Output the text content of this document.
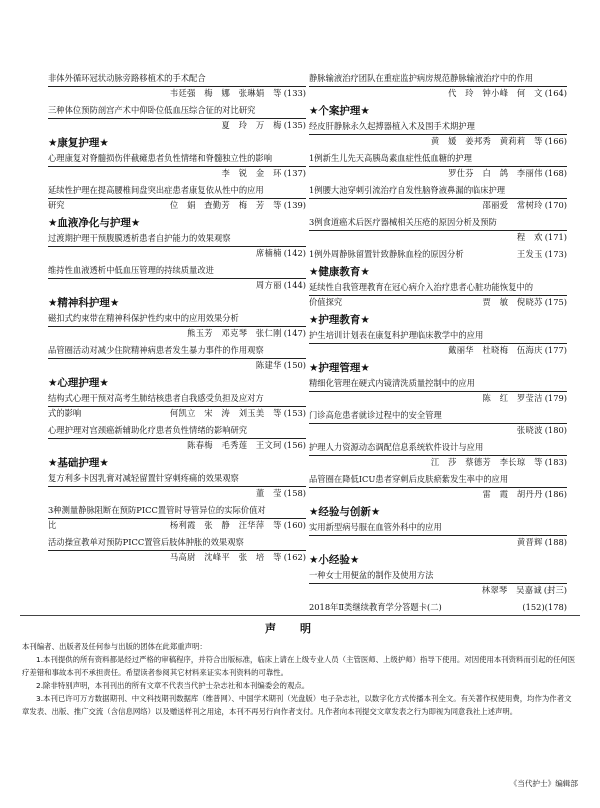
非体外循环冠状动脉旁路移植术的手术配合
韦廷强　梅　娜　张琳娟　等 (133)
三种体位预防剖宫产术中仰卧位低血压综合征的对比研究
夏　玲　万　梅 (135)
★康复护理★
心理康复对脊髓损伤伴截瘫患者负性情绪和脊髓独立性的影响
李　锐　金　环 (137)
延续性护理在提高腰椎间盘突出症患者康复依从性中的应用
研究	位　娟　査勤芳　梅　芳　等 (139)
★血液净化与护理★
过渡期护理干预腹膜透析患者自护能力的效果观察
席楠楠 (142)
维持性血液透析中低血压管理的持续质量改进
周方丽 (144)
★精神科护理★
磁扣式约束带在精神科保护性约束中的应用效果分析
熊玉芳　邓克琴　张仁刚 (147)
品管圈活动对减少住院精神病患者发生暴力事件的作用观察
陈建华 (150)
★心理护理★
结构式心理干预对高考生肺结核患者自我感受负担及应对方
式的影响	何凯立　宋　涛　刘玉美　等 (153)
心理护理对宫颈癌新辅助化疗患者负性情绪的影响研究
陈春梅　毛秀莲　王文珂 (156)
★基础护理★
复方利多卡因乳膏对减轻留置针穿刺疼痛的效果观察
董　莹 (158)
3种测量静脉阻断在预防PICC置管时导管异位的实际价值对
比	杨利霞　张　静　汪华萍　等 (160)
活动操宣教单对预防PICC置管后肢体肿胀的效果观察
马高尉　沈峰平　张　培　等 (162)
静脉输液治疗团队在重症监护病房规范静脉输液治疗中的作用
代　玲　钟小峰　何　文 (164)
★个案护理★
经皮肝静脉永久起搏器植入术及围手术期护理
黄　媛　姜邦秀　黄莉莉　等 (166)
1例新生儿先天高胰岛素血症性低血糖的护理
罗仕芬　白　鸽　李丽伟 (168)
1例腰大池穿刺引流治疗自发性脑脊液鼻漏的临床护理
邵丽爱　常树玲 (170)
3例食道癌术后医疗器械相关压疮的原因分析及预防
程　欢 (171)
1例外周静脉留置针致静脉血栓的原因分析	王发玉 (173)
★健康教育★
延续性自我管理教育在冠心病介入治疗患者心脏功能恢复中的
价值探究	贾　敏　倪晓苏 (175)
★护理教育★
护生培训计划表在康复科护理临床教学中的应用
戴丽华　杜晓梅　伍海庆 (177)
★护理管理★
精细化管理在硬式内镜清洗质量控制中的应用
陈　红　罗莹洁 (179)
门诊高危患者就诊过程中的安全管理
张晓波 (180)
护理人力资源动态调配信息系统软件设计与应用
江　莎　蔡德芳　李长琼　等 (183)
品管圈在降低ICU患者穿刺后皮肤瘀紫发生率中的应用
雷　霞　胡丹丹 (186)
★经验与创新★
实用新型病号服在血管外科中的应用
黄晋辉 (188)
★小经验★
一种女士用便盆的制作及使用方法
林翠琴　吴嘉诚 (封三)
2018年Ⅱ类继续教育学分答题卡(二)	(152)(178)
声明

本刊编者、出版者及任何参与出版的团体在此郑重声明：

1.本刊提供的所有资料都是经过严格的审稿程序，并符合出版标准，临床上请在上级专业人员（主管医师、上级护师）指导下使用。对因使用本刊资料而引起的任何医疗差错和事故本刊不承担责任。希望读者参阅其它材料来证实本刊资料的可靠性。

2.除非特别声明，本刊刊出的所有文章不代表当代护士杂志社和本刊编委会的观点。

3.本刊已许可万方数据期刊、中文科技期刊数据库（维普网）、中国学术期刊（光盘版）电子杂志社，以数字化方式传播本刊全文。有关著作权使用费，均作为作者文章发表、出版、推广交流（含信息网络）以及赠送样刊之用途，本刊不再另行向作者支付。凡作者向本刊提交文章发表之行为即视为同意我社上述声明。

《当代护士》编辑部
